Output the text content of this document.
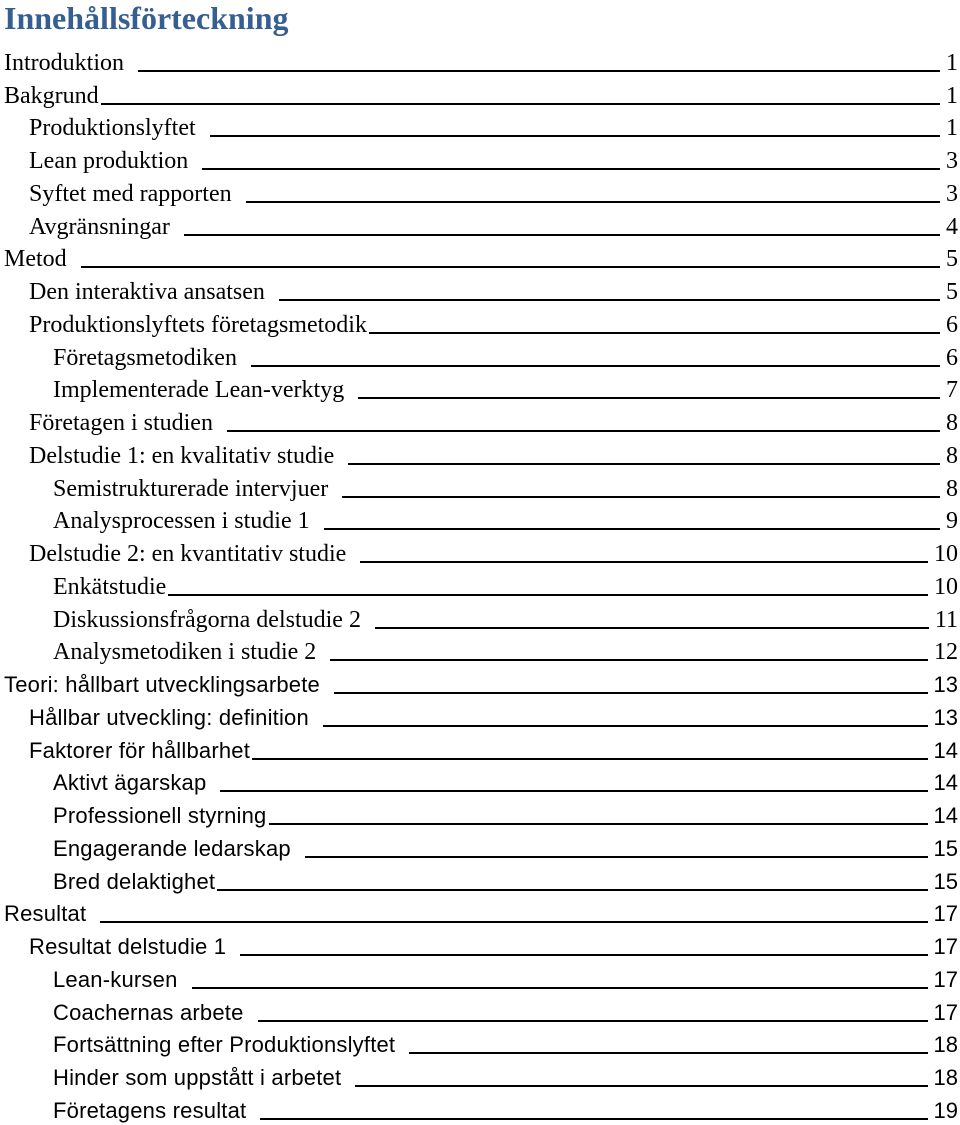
Innehållsförteckning
Introduktion	1
Bakgrund	1
Produktionslyftet	1
Lean produktion	3
Syftet med rapporten	3
Avgränsningar	4
Metod	5
Den interaktiva ansatsen	5
Produktionslyftets företagsmetodik	6
Företagsmetodiken	6
Implementerade Lean-verktyg	7
Företagen i studien	8
Delstudie 1: en kvalitativ studie	8
Semistrukturerade intervjuer	8
Analysprocessen i studie 1	9
Delstudie 2: en kvantitativ studie	10
Enkätstudie	10
Diskussionsfrågorna delstudie 2	11
Analysmetodiken i studie 2	12
Teori: hållbart utvecklingsarbete	13
Hållbar utveckling: definition	13
Faktorer för hållbarhet	14
Aktivt ägarskap	14
Professionell styrning	14
Engagerande ledarskap	15
Bred delaktighet	15
Resultat	17
Resultat delstudie 1	17
Lean-kursen	17
Coachernas arbete	17
Fortsättning efter Produktionslyftet	18
Hinder som uppstått i arbetet	18
Företagens resultat	19
